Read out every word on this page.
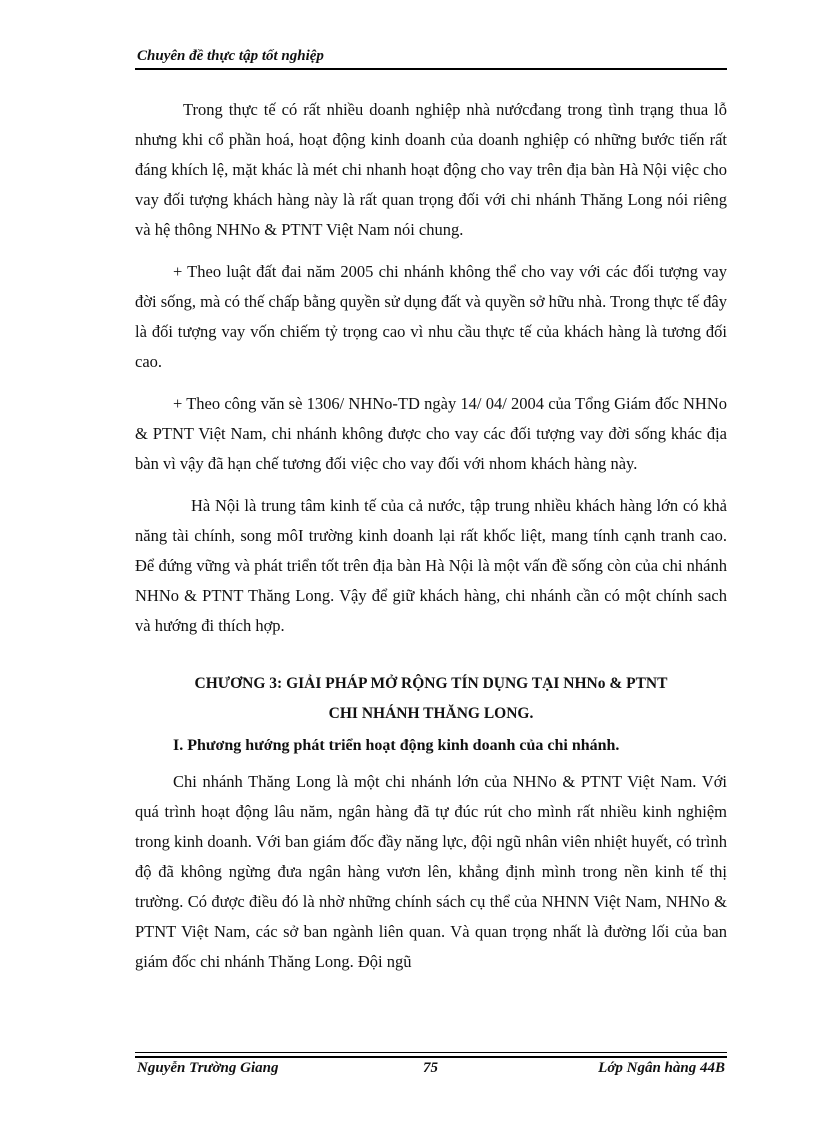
Chuyên đề thực tập tốt nghiệp

Trong thực tế có rất nhiều doanh nghiệp nhà nướcđang trong tình trạng thua lỗ nhưng khi cổ phần hoá, hoạt động kinh doanh của doanh nghiệp có những bước tiến rất đáng khích lệ, mặt khác là mét chi nhanh hoạt động cho vay trên địa bàn Hà Nội việc cho vay đối tượng khách hàng này là rất quan trọng đối với chi nhánh Thăng Long nói riêng và hệ thông NHNo & PTNT Việt Nam nói chung.

+ Theo luật đất đai năm 2005 chi nhánh không thể cho vay với các đối tượng vay đời sống, mà có thế chấp bằng quyền sử dụng đất và quyền sở hữu nhà. Trong thực tế đây là đối tượng vay vốn chiếm tỷ trọng cao vì nhu cầu thực tế của khách hàng là tương đối cao.

+ Theo công văn sè 1306/ NHNo-TD ngày 14/ 04/ 2004 của Tổng Giám đốc NHNo & PTNT Việt Nam, chi nhánh không được cho vay các đối tượng vay đời sống khác địa bàn vì vậy đã hạn chế tương đối việc cho vay đối với nhom khách hàng này.

Hà Nội là trung tâm kinh tế của cả nước, tập trung nhiều khách hàng lớn có khả năng tài chính, song môI trường kinh doanh lại rất khốc liệt, mang tính cạnh tranh cao. Để đứng vững và phát triển tốt trên địa bàn Hà Nội là một vấn đề sống còn của chi nhánh NHNo & PTNT Thăng Long. Vậy để giữ khách hàng, chi nhánh cần có một chính sach và hướng đi thích hợp.

CHƯƠNG 3: GIẢI PHÁP MỞ RỘNG TÍN DỤNG TẠI NHNo & PTNT
CHI NHÁNH THĂNG LONG.
I. Phương hướng phát triển hoạt động kinh doanh của chi nhánh.

Chi nhánh Thăng Long là một chi nhánh lớn của NHNo & PTNT Việt Nam. Với quá trình hoạt động lâu năm, ngân hàng đã tự đúc rút cho mình rất nhiều kinh nghiệm trong kinh doanh. Với ban giám đốc đầy năng lực, đội ngũ nhân viên nhiệt huyết, có trình độ đã không ngừng đưa ngân hàng vươn lên, khẳng định mình trong nền kinh tế thị trường. Có được điều đó là nhờ những chính sách cụ thể của NHNN Việt Nam, NHNo & PTNT Việt Nam, các sở ban ngành liên quan. Và quan trọng nhất là đường lối của ban giám đốc chi nhánh Thăng Long. Đội ngũ

Nguyễn Trường Giang	75	Lớp Ngân hàng 44B
